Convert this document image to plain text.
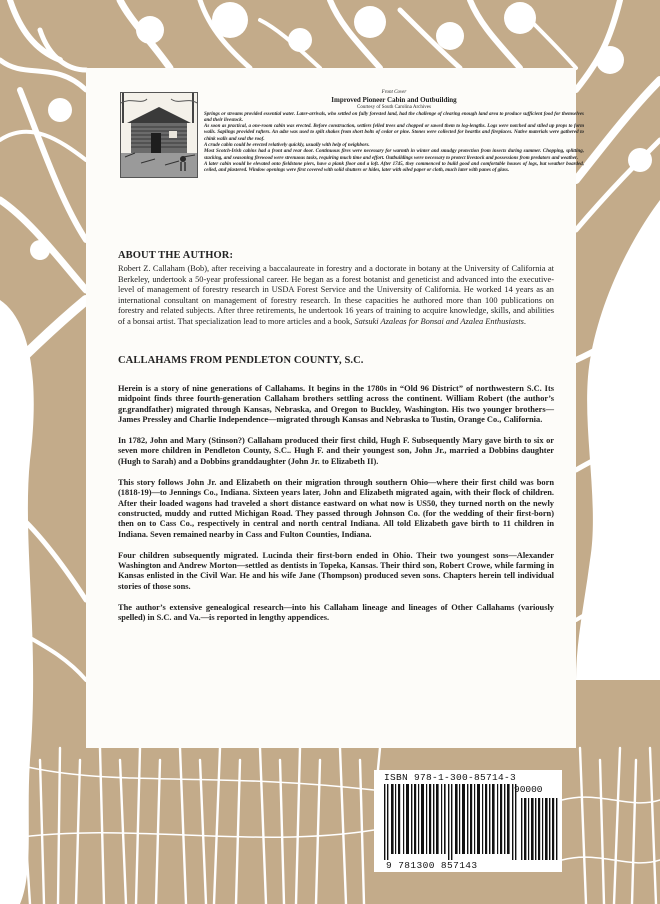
Front Cover
Improved Pioneer Cabin and Outbuilding
Courtesy of South Carolina Archives

Springs or streams provided essential water. Later-arrivals, who settled on fully forested land, had the challenge of clearing enough land area to produce sufficient food for themselves and their livestock.

As soon as practical, a one-room cabin was erected. Before construction, settlers felled trees and chopped or sawed them to log-lengths. Logs were notched and stiled up props to form walls. Saplings provided rafters. An adze was used to split shakes from short bolts of cedar or pine. Stones were collected for hearths and fireplaces. Native materials were gathered to chink walls and seal the roof.

A crude cabin could be erected relatively quickly, usually with help of neighbors.

Most Scotch-Irish cabins had a front and rear door. Continuous fires were necessary for warmth in winter and smudgy protection from insects during summer. Chopping, splitting, stacking, and seasoning firewood were strenuous tasks, requiring much time and effort. Outbuildings were necessary to protect livestock and possessions from predators and weather.

A later cabin would be elevated onto fieldstone piers, have a plank floor and a loft. After 1745, they commenced to build good and comfortable houses of logs, but weather boarded, ceiled, and plastered. Window openings were first covered with solid shutters or hides, later with oiled paper or cloth, much later with panes of glass.

ABOUT THE AUTHOR:

Robert Z. Callaham (Bob), after receiving a baccalaureate in forestry and a doctorate in botany at the University of California at Berkeley, undertook a 50-year professional career. He began as a forest botanist and geneticist and advanced into the executive-level of management of forestry research in USDA Forest Service and the University of California. He worked 14 years as an international consultant on management of forestry research. In these capacities he authored more than 100 publications on forestry and related subjects. After three retirements, he undertook 16 years of training to acquire knowledge, skills, and abilities of a bonsai artist. That specialization lead to more articles and a book, Satsuki Azaleas for Bonsai and Azalea Enthusiasts.

CALLAHAMS FROM PENDLETON COUNTY, S.C.

Herein is a story of nine generations of Callahams. It begins in the 1780s in “Old 96 District” of northwestern S.C. Its midpoint finds three fourth-generation Callaham brothers settling across the continent. William Robert (the author’s gr.grandfather) migrated through Kansas, Nebraska, and Oregon to Buckley, Washington. His two younger brothers—James Pressley and Charlie Independence—migrated through Kansas and Nebraska to Tustin, Orange Co., California.

In 1782, John and Mary (Stinson?) Callaham produced their first child, Hugh F. Subsequently Mary gave birth to six or seven more children in Pendleton County, S.C.. Hugh F. and their youngest son, John Jr., married a Dobbins daughter (Hugh to Sarah) and a Dobbins granddaughter (John Jr. to Elizabeth II).

This story follows John Jr. and Elizabeth on their migration through southern Ohio—where their first child was born (1818-19)—to Jennings Co., Indiana. Sixteen years later, John and Elizabeth migrated again, with their flock of children. After their loaded wagons had traveled a short distance eastward on what now is US50, they turned north on the newly constructed, muddy and rutted Michigan Road. They passed through Johnson Co. (for the wedding of their first-born) then on to Cass Co., respectively in central and north central Indiana. All told Elizabeth gave birth to 11 children in Indiana. Seven remained nearby in Cass and Fulton Counties, Indiana.

Four children subsequently migrated. Lucinda their first-born ended in Ohio. Their two youngest sons—Alexander Washington and Andrew Morton—settled as dentists in Topeka, Kansas. Their third son, Robert Crowe, while farming in Kansas enlisted in the Civil War. He and his wife Jane (Thompson) produced seven sons. Chapters herein tell individual stories of those sons.

The author’s extensive genealogical research—into his Callaham lineage and lineages of Other Callahams (variously spelled) in S.C. and Va.—is reported in lengthy appendices.

ISBN 978-1-300-85714-3
90000
9 781300 857143
